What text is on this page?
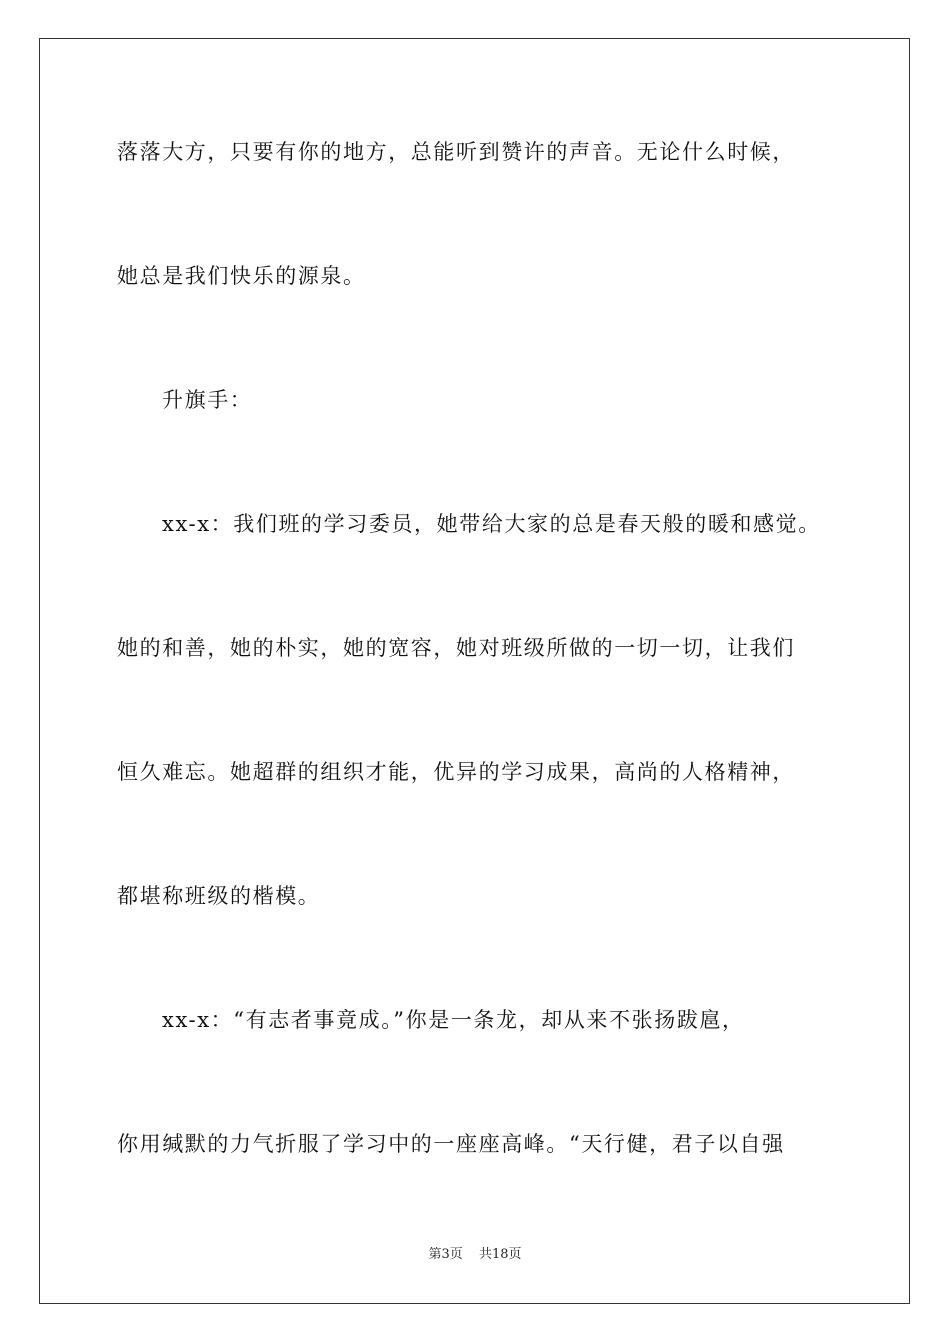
落落大方，只要有你的地方，总能听到赞许的声音。无论什么时候，
她总是我们快乐的源泉。
升旗手：
xx-x：我们班的学习委员，她带给大家的总是春天般的暖和感觉。
她的和善，她的朴实，她的宽容，她对班级所做的一切一切，让我们
恒久难忘。她超群的组织才能，优异的学习成果，高尚的人格精神，
都堪称班级的楷模。
xx-x：“有志者事竟成。”你是一条龙，却从来不张扬跋扈，
你用缄默的力气折服了学习中的一座座高峰。“天行健，君子以自强
第3页 共18页
